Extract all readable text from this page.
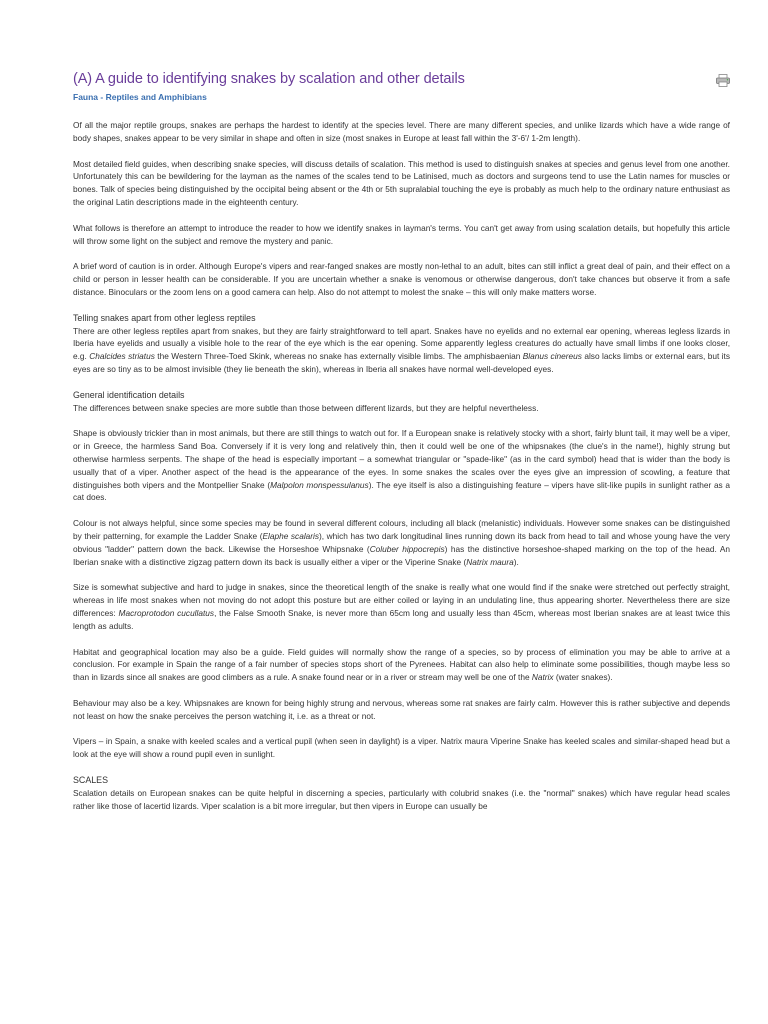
(A) A guide to identifying snakes by scalation and other details
Fauna - Reptiles and Amphibians

Of all the major reptile groups, snakes are perhaps the hardest to identify at the species level. There are many different species, and unlike lizards which have a wide range of body shapes, snakes appear to be very similar in shape and often in size (most snakes in Europe at least fall within the 3'-6'/ 1-2m length).

Most detailed field guides, when describing snake species, will discuss details of scalation. This method is used to distinguish snakes at species and genus level from one another. Unfortunately this can be bewildering for the layman as the names of the scales tend to be Latinised, much as doctors and surgeons tend to use the Latin names for muscles or bones. Talk of species being distinguished by the occipital being absent or the 4th or 5th supralabial touching the eye is probably as much help to the ordinary nature enthusiast as the original Latin descriptions made in the eighteenth century.

What follows is therefore an attempt to introduce the reader to how we identify snakes in layman's terms. You can't get away from using scalation details, but hopefully this article will throw some light on the subject and remove the mystery and panic.

A brief word of caution is in order. Although Europe's vipers and rear-fanged snakes are mostly non-lethal to an adult, bites can still inflict a great deal of pain, and their effect on a child or person in lesser health can be considerable. If you are uncertain whether a snake is venomous or otherwise dangerous, don't take chances but observe it from a safe distance. Binoculars or the zoom lens on a good camera can help. Also do not attempt to molest the snake – this will only make matters worse.

Telling snakes apart from other legless reptiles

There are other legless reptiles apart from snakes, but they are fairly straightforward to tell apart. Snakes have no eyelids and no external ear opening, whereas legless lizards in Iberia have eyelids and usually a visible hole to the rear of the eye which is the ear opening. Some apparently legless creatures do actually have small limbs if one looks closer, e.g. Chalcides striatus the Western Three-Toed Skink, whereas no snake has externally visible limbs. The amphisbaenian Blanus cinereus also lacks limbs or external ears, but its eyes are so tiny as to be almost invisible (they lie beneath the skin), whereas in Iberia all snakes have normal well-developed eyes.

General identification details

The differences between snake species are more subtle than those between different lizards, but they are helpful nevertheless.

Shape is obviously trickier than in most animals, but there are still things to watch out for. If a European snake is relatively stocky with a short, fairly blunt tail, it may well be a viper, or in Greece, the harmless Sand Boa. Conversely if it is very long and relatively thin, then it could well be one of the whipsnakes (the clue's in the name!), highly strung but otherwise harmless serpents. The shape of the head is especially important – a somewhat triangular or "spade-like" (as in the card symbol) head that is wider than the body is usually that of a viper. Another aspect of the head is the appearance of the eyes. In some snakes the scales over the eyes give an impression of scowling, a feature that distinguishes both vipers and the Montpellier Snake (Malpolon monspessulanus). The eye itself is also a distinguishing feature – vipers have slit-like pupils in sunlight rather as a cat does.

Colour is not always helpful, since some species may be found in several different colours, including all black (melanistic) individuals. However some snakes can be distinguished by their patterning, for example the Ladder Snake (Elaphe scalaris), which has two dark longitudinal lines running down its back from head to tail and whose young have the very obvious "ladder" pattern down the back. Likewise the Horseshoe Whipsnake (Coluber hippocrepis) has the distinctive horseshoe-shaped marking on the top of the head. An Iberian snake with a distinctive zigzag pattern down its back is usually either a viper or the Viperine Snake (Natrix maura).

Size is somewhat subjective and hard to judge in snakes, since the theoretical length of the snake is really what one would find if the snake were stretched out perfectly straight, whereas in life most snakes when not moving do not adopt this posture but are either coiled or laying in an undulating line, thus appearing shorter. Nevertheless there are size differences: Macroprotodon cucullatus, the False Smooth Snake, is never more than 65cm long and usually less than 45cm, whereas most Iberian snakes are at least twice this length as adults.

Habitat and geographical location may also be a guide. Field guides will normally show the range of a species, so by process of elimination you may be able to arrive at a conclusion. For example in Spain the range of a fair number of species stops short of the Pyrenees. Habitat can also help to eliminate some possibilities, though maybe less so than in lizards since all snakes are good climbers as a rule. A snake found near or in a river or stream may well be one of the Natrix (water snakes).

Behaviour may also be a key. Whipsnakes are known for being highly strung and nervous, whereas some rat snakes are fairly calm. However this is rather subjective and depends not least on how the snake perceives the person watching it, i.e. as a threat or not.

Vipers – in Spain, a snake with keeled scales and a vertical pupil (when seen in daylight) is a viper. Natrix maura Viperine Snake has keeled scales and similar-shaped head but a look at the eye will show a round pupil even in sunlight.

SCALES

Scalation details on European snakes can be quite helpful in discerning a species, particularly with colubrid snakes (i.e. the "normal" snakes) which have regular head scales rather like those of lacertid lizards. Viper scalation is a bit more irregular, but then vipers in Europe can usually be
